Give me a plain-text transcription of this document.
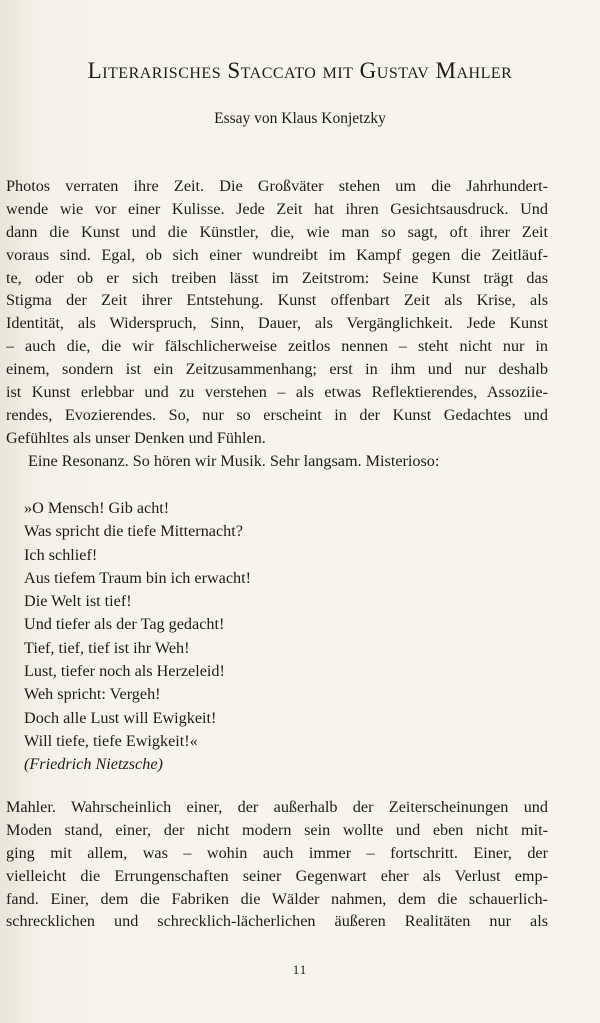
Literarisches Staccato mit Gustav Mahler
Essay von Klaus Konjetzky
Photos verraten ihre Zeit. Die Großväter stehen um die Jahrhundert-
wende wie vor einer Kulisse. Jede Zeit hat ihren Gesichtsausdruck. Und
dann die Kunst und die Künstler, die, wie man so sagt, oft ihrer Zeit
voraus sind. Egal, ob sich einer wundreibt im Kampf gegen die Zeitläuf-
te, oder ob er sich treiben lässt im Zeitstrom: Seine Kunst trägt das
Stigma der Zeit ihrer Entstehung. Kunst offenbart Zeit als Krise, als
Identität, als Widerspruch, Sinn, Dauer, als Vergänglichkeit. Jede Kunst
– auch die, die wir fälschlicherweise zeitlos nennen – steht nicht nur in
einem, sondern ist ein Zeitzusammenhang; erst in ihm und nur deshalb
ist Kunst erlebbar und zu verstehen – als etwas Reflektierendes, Assoziie-
rendes, Evozierendes. So, nur so erscheint in der Kunst Gedachtes und
Gefühltes als unser Denken und Fühlen.
Eine Resonanz. So hören wir Musik. Sehr langsam. Misterioso:
»O Mensch! Gib acht!
Was spricht die tiefe Mitternacht?
Ich schlief!
Aus tiefem Traum bin ich erwacht!
Die Welt ist tief!
Und tiefer als der Tag gedacht!
Tief, tief, tief ist ihr Weh!
Lust, tiefer noch als Herzeleid!
Weh spricht: Vergeh!
Doch alle Lust will Ewigkeit!
Will tiefe, tiefe Ewigkeit!«
(Friedrich Nietzsche)
Mahler. Wahrscheinlich einer, der außerhalb der Zeiterscheinungen und
Moden stand, einer, der nicht modern sein wollte und eben nicht mit-
ging mit allem, was – wohin auch immer – fortschritt. Einer, der
vielleicht die Errungenschaften seiner Gegenwart eher als Verlust emp-
fand. Einer, dem die Fabriken die Wälder nahmen, dem die schauerlich-
schrecklichen und schrecklich-lächerlichen äußeren Realitäten nur als
11
